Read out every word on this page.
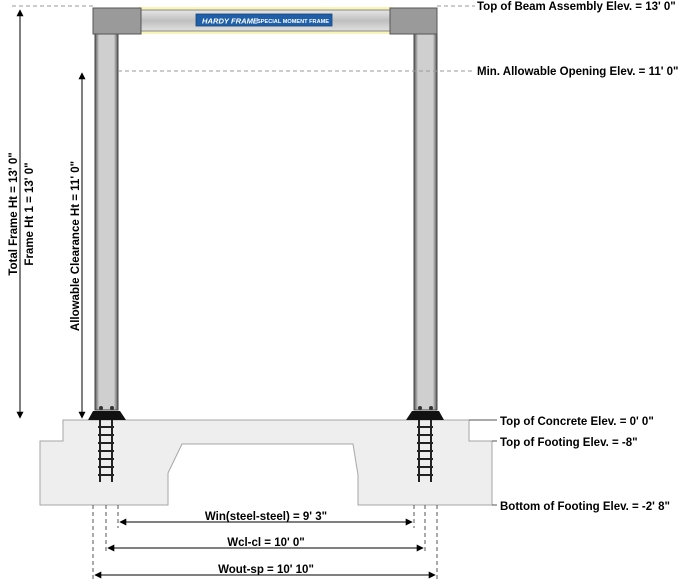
HARDY FRAME SPECIAL MOMENT FRAME
Top of Beam Assembly Elev. = 13' 0"
Min. Allowable Opening Elev. = 11' 0"
Top of Concrete Elev. = 0' 0"
Top of Footing Elev. = -8"
Bottom of Footing Elev. = -2' 8"
Total Frame Ht = 13' 0" Frame Ht 1 = 13' 0"	Allowable Clearance Ht = 11' 0"
Win(steel-steel) = 9' 3"
Wcl-cl = 10' 0"
Wout-sp = 10' 10"
